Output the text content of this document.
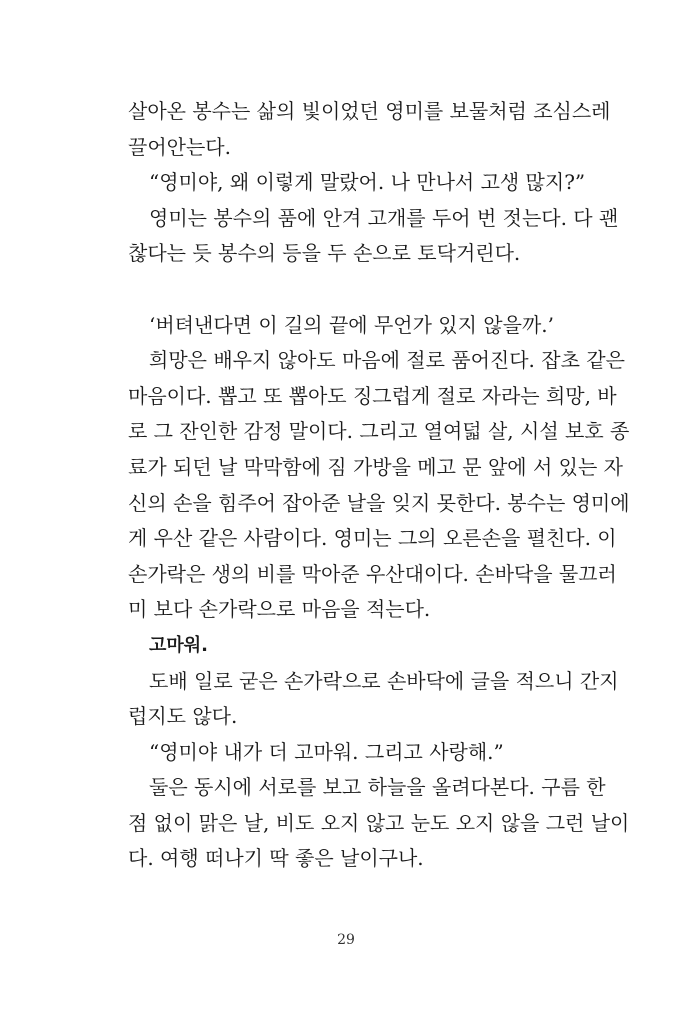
살아온 봉수는 삶의 빛이었던 영미를 보물처럼 조심스레
끌어안는다.
“영미야, 왜 이렇게 말랐어. 나 만나서 고생 많지?”
영미는 봉수의 품에 안겨 고개를 두어 번 젓는다. 다 괜
찮다는 듯 봉수의 등을 두 손으로 토닥거린다.
‘버텨낸다면 이 길의 끝에 무언가 있지 않을까.’
희망은 배우지 않아도 마음에 절로 품어진다. 잡초 같은
마음이다. 뽑고 또 뽑아도 징그럽게 절로 자라는 희망, 바
로 그 잔인한 감정 말이다. 그리고 열여덟 살, 시설 보호 종
료가 되던 날 막막함에 짐 가방을 메고 문 앞에 서 있는 자
신의 손을 힘주어 잡아준 날을 잊지 못한다. 봉수는 영미에
게 우산 같은 사람이다. 영미는 그의 오른손을 펼친다. 이
손가락은 생의 비를 막아준 우산대이다. 손바닥을 물끄러
미 보다 손가락으로 마음을 적는다.
고마워.
도배 일로 굳은 손가락으로 손바닥에 글을 적으니 간지
럽지도 않다.
“영미야 내가 더 고마워. 그리고 사랑해.”
둘은 동시에 서로를 보고 하늘을 올려다본다. 구름 한
점 없이 맑은 날, 비도 오지 않고 눈도 오지 않을 그런 날이
다. 여행 떠나기 딱 좋은 날이구나.
29
